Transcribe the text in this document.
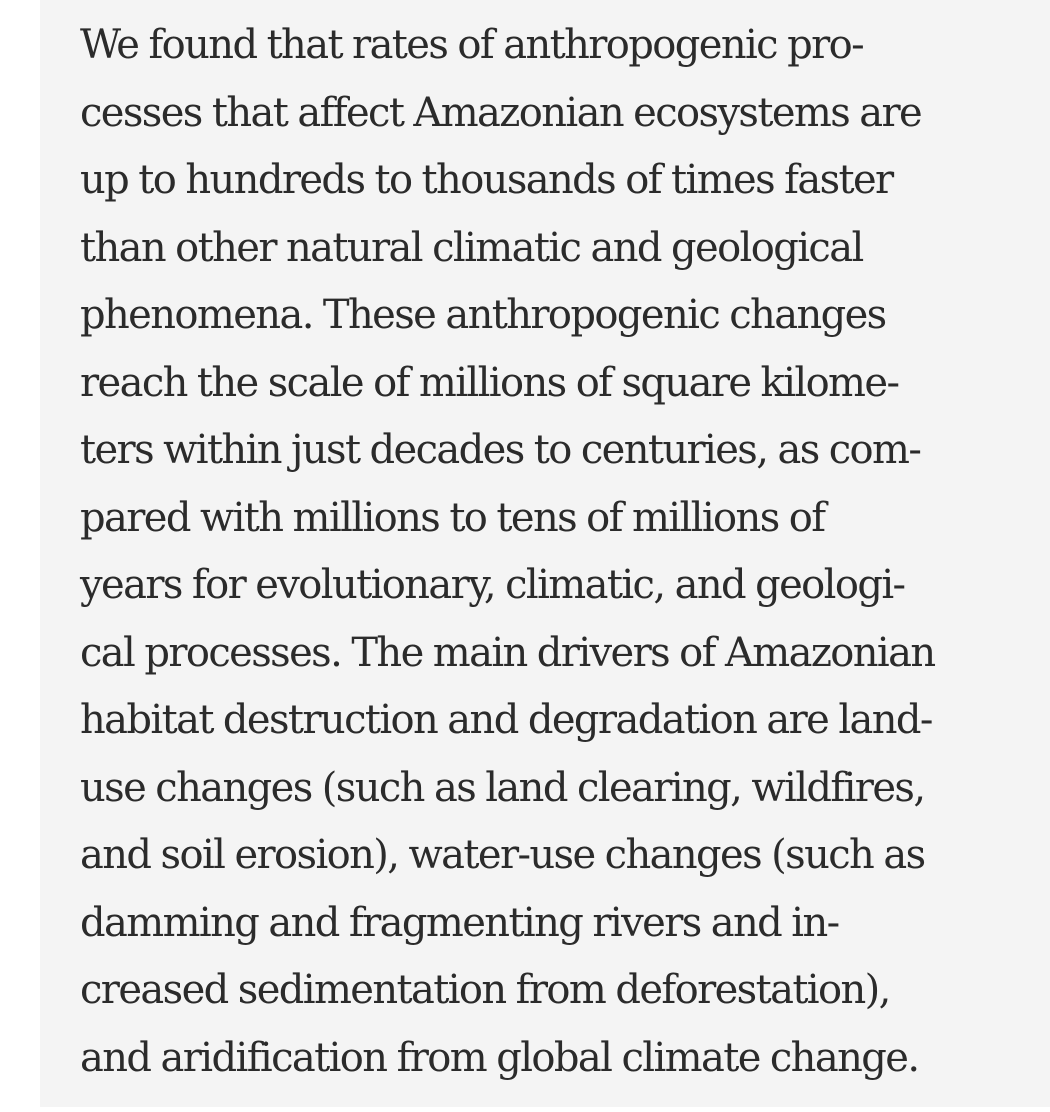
We found that rates of anthropogenic pro-
cesses that affect Amazonian ecosystems are
up to hundreds to thousands of times faster
than other natural climatic and geological
phenomena. These anthropogenic changes
reach the scale of millions of square kilome-
ters within just decades to centuries, as com-
pared with millions to tens of millions of
years for evolutionary, climatic, and geologi-
cal processes. The main drivers of Amazonian
habitat destruction and degradation are land-
use changes (such as land clearing, wildfires,
and soil erosion), water-use changes (such as
damming and fragmenting rivers and in-
creased sedimentation from deforestation),
and aridification from global climate change.
